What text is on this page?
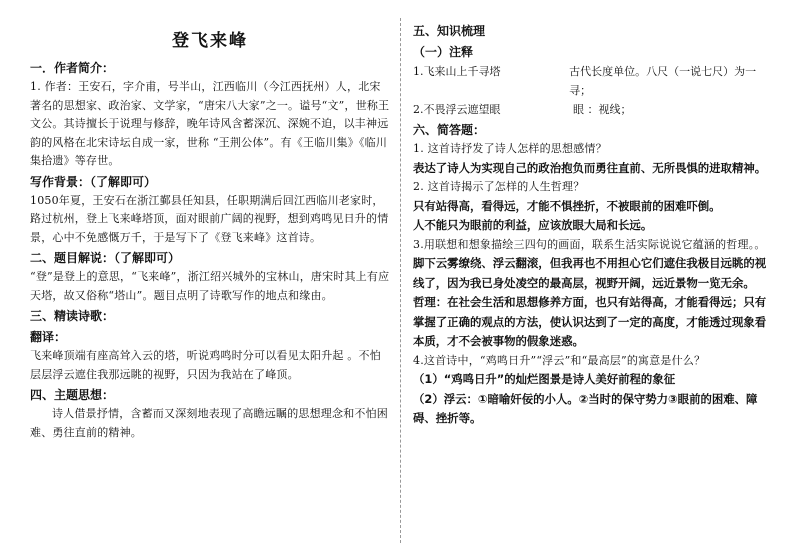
登飞来峰
一．作者简介：
1. 作者：王安石，字介甫，号半山，江西临川（今江西抚州）人，北宋著名的思想家、政治家、文学家，“唐宋八大家”之一。谥号“文”，世称王文公。其诗擅长于说理与修辞，晚年诗风含蓄深沉、深婉不迫，以丰神远韵的风格在北宋诗坛自成一家，世称 “王荆公体”。有《王临川集》《临川集拾遗》等存世。
写作背景：（了解即可）
1050年夏，王安石在浙江鄞县任知县，任职期满后回江西临川老家时，路过杭州，登上飞来峰塔顶，面对眼前广阔的视野，想到鸡鸣见日升的情景，心中不免感慨万千，于是写下了《登飞来峰》这首诗。
二、题目解说：（了解即可）
“登”是登上的意思，“飞来峰”，浙江绍兴城外的宝林山，唐宋时其上有应天塔，故又俗称“塔山”。题目点明了诗歌写作的地点和缘由。
三、精读诗歌：
翻译：
飞来峰顶端有座高耸入云的塔，听说鸡鸣时分可以看见太阳升起 。不怕层层浮云遮住我那远眺的视野，只因为我站在了峰顶。
四、主题思想：
诗人借景抒情，含蓄而又深刻地表现了高瞻远瞩的思想理念和不怕困难、勇往直前的精神。
五、知识梳理
（一）注释
1.飞来山上千寻塔	古代长度单位。八尺（一说七尺）为一寻；
2.不畏浮云遮望眼	眼 ：视线；
六、简答题：
1. 这首诗抒发了诗人怎样的思想感情？
表达了诗人为实现自己的政治抱负而勇往直前、无所畏惧的进取精神。
2. 这首诗揭示了怎样的人生哲理？
只有站得高，看得远，才能不惧挫折，不被眼前的困难吓倒。
人不能只为眼前的利益，应该放眼大局和长远。
3.用联想和想象描绘三四句的画面，联系生活实际说说它蕴涵的哲理。。
脚下云雾缭绕、浮云翻滚，但我再也不用担心它们遮住我极目远眺的视线了，因为我已身处凌空的最高层，视野开阔，远近景物一览无余。
哲理：在社会生活和思想修养方面，也只有站得高，才能看得远；只有掌握了正确的观点的方法，使认识达到了一定的高度，才能透过现象看本质，才不会被事物的假象迷惑。
4.这首诗中，“鸡鸣日升”“浮云”和“最高层”的寓意是什么？
（1）“鸡鸣日升”的灿烂图景是诗人美好前程的象征
（2）浮云：①暗喻奸佞的小人。②当时的保守势力③眼前的困难、障碍、挫折等。
